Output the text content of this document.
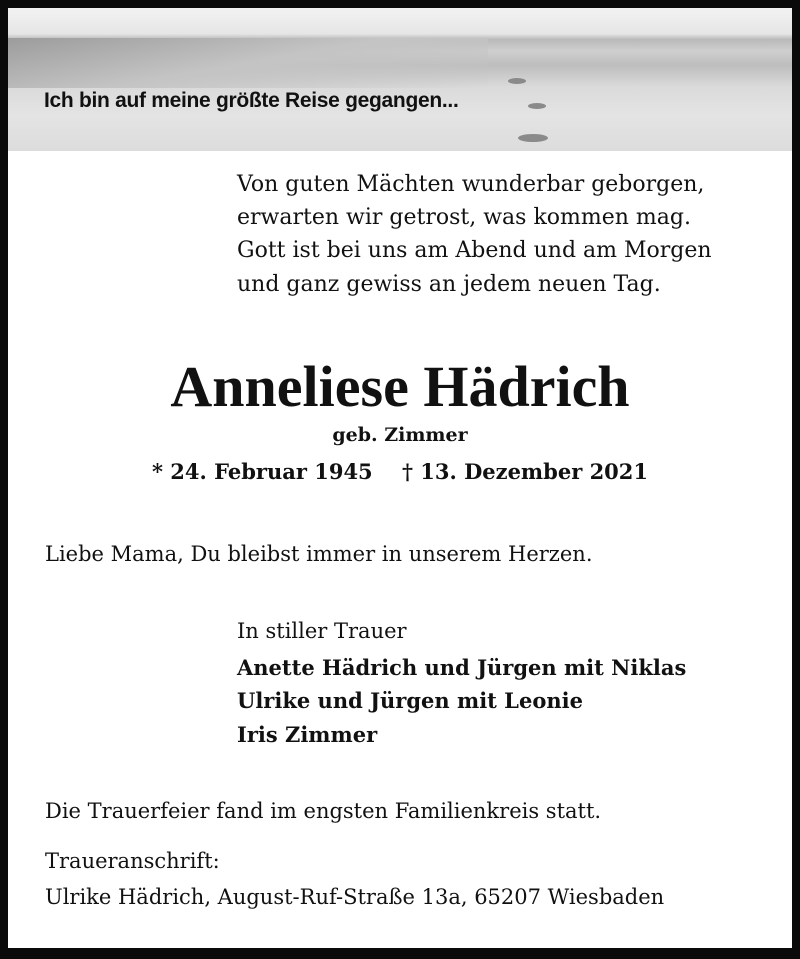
Ich bin auf meine größte Reise gegangen...
Von guten Mächten wunderbar geborgen,
erwarten wir getrost, was kommen mag.
Gott ist bei uns am Abend und am Morgen
und ganz gewiss an jedem neuen Tag.
Anneliese Hädrich
geb. Zimmer
* 24. Februar 1945 † 13. Dezember 2021
Liebe Mama, Du bleibst immer in unserem Herzen.
In stiller Trauer
Anette Hädrich und Jürgen mit Niklas
Ulrike und Jürgen mit Leonie
Iris Zimmer
Die Trauerfeier fand im engsten Familienkreis statt.
Traueranschrift:
Ulrike Hädrich, August-Ruf-Straße 13a, 65207 Wiesbaden
